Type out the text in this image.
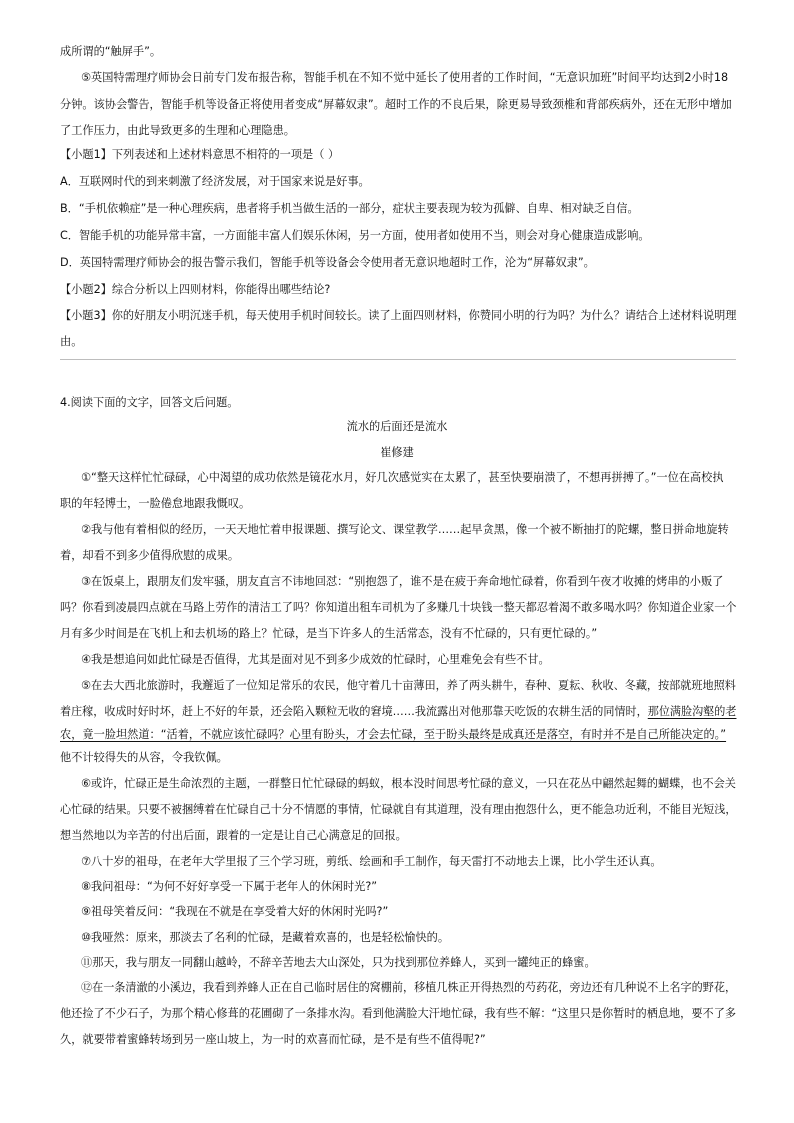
成所谓的“触屏手”。
⑤英国特需理疗师协会日前专门发布报告称，智能手机在不知不觉中延长了使用者的工作时间，“无意识加班”时间平均达到2小时18
分钟。该协会警告，智能手机等设备正将使用者变成“屏幕奴隶”。超时工作的不良后果，除更易导致颈椎和背部疾病外，还在无形中增加
了工作压力，由此导致更多的生理和心理隐患。
【小题1】下列表述和上述材料意思不相符的一项是（ ）
A．互联网时代的到来刺激了经济发展，对于国家来说是好事。
B．“手机依赖症”是一种心理疾病，患者将手机当做生活的一部分，症状主要表现为较为孤僻、自卑、相对缺乏自信。
C．智能手机的功能异常丰富，一方面能丰富人们娱乐休闲，另一方面，使用者如使用不当，则会对身心健康造成影响。
D．英国特需理疗师协会的报告警示我们，智能手机等设备会令使用者无意识地超时工作，沦为“屏幕奴隶”。
【小题2】综合分析以上四则材料，你能得出哪些结论?
【小题3】你的好朋友小明沉迷手机，每天使用手机时间较长。读了上面四则材料，你赞同小明的行为吗？为什么？请结合上述材料说明理
由。
4.阅读下面的文字，回答文后问题。
流水的后面还是流水
崔修建
①“整天这样忙忙碌碌，心中渴望的成功依然是镜花水月，好几次感觉实在太累了，甚至快要崩溃了，不想再拼搏了。”一位在高校执
职的年轻博士，一脸倦怠地跟我慨叹。
②我与他有着相似的经历，一天天地忙着申报课题、撰写论文、课堂教学……起早贪黑，像一个被不断抽打的陀螺，整日拼命地旋转
着，却看不到多少值得欣慰的成果。
③在饭桌上，跟朋友们发牢骚，朋友直言不讳地回怼：“别抱怨了，谁不是在疲于奔命地忙碌着，你看到午夜才收摊的烤串的小贩了
吗？你看到凌晨四点就在马路上劳作的清洁工了吗？你知道出租车司机为了多赚几十块钱一整天都忍着渴不敢多喝水吗？你知道企业家一个
月有多少时间是在飞机上和去机场的路上？忙碌，是当下许多人的生活常态，没有不忙碌的，只有更忙碌的。”
④我是想追问如此忙碌是否值得，尤其是面对见不到多少成效的忙碌时，心里难免会有些不甘。
⑤在去大西北旅游时，我邂逅了一位知足常乐的农民，他守着几十亩薄田，养了两头耕牛，春种、夏耘、秋收、冬藏，按部就班地照料
着庄稼，收成时好时坏，赶上不好的年景，还会陷入颗粒无收的窘境……我流露出对他那靠天吃饭的农耕生活的同情时，那位满脸沟壑的老
农，竟一脸坦然道：“活着，不就应该忙碌吗？心里有盼头，才会去忙碌，至于盼头最终是成真还是落空，有时并不是自己所能决定的。”
他不计较得失的从容，令我钦佩。
⑥或许，忙碌正是生命浓烈的主题，一群整日忙忙碌碌的蚂蚁，根本没时间思考忙碌的意义，一只在花丛中翩然起舞的蝴蝶，也不会关
心忙碌的结果。只要不被捆缚着在忙碌自己十分不情愿的事情，忙碌就自有其道理，没有理由抱怨什么，更不能急功近利，不能目光短浅，
想当然地以为辛苦的付出后面，跟着的一定是让自己心满意足的回报。
⑦八十岁的祖母，在老年大学里报了三个学习班，剪纸、绘画和手工制作，每天雷打不动地去上课，比小学生还认真。
⑧我问祖母：“为何不好好享受一下属于老年人的休闲时光?”
⑨祖母笑着反问：“我现在不就是在享受着大好的休闲时光吗?”
⑩我哑然：原来，那淡去了名利的忙碌，是藏着欢喜的，也是轻松愉快的。
⑪那天，我与朋友一同翻山越岭，不辞辛苦地去大山深处，只为找到那位养蜂人，买到一罐纯正的蜂蜜。
⑫在一条清澈的小溪边，我看到养蜂人正在自己临时居住的窝棚前，移植几株正开得热烈的芍药花，旁边还有几种说不上名字的野花，
他还捡了不少石子，为那个精心修葺的花圃砌了一条排水沟。看到他满脸大汗地忙碌，我有些不解：“这里只是你暂时的栖息地，要不了多
久，就要带着蜜蜂转场到另一座山坡上，为一时的欢喜而忙碌，是不是有些不值得呢?”
